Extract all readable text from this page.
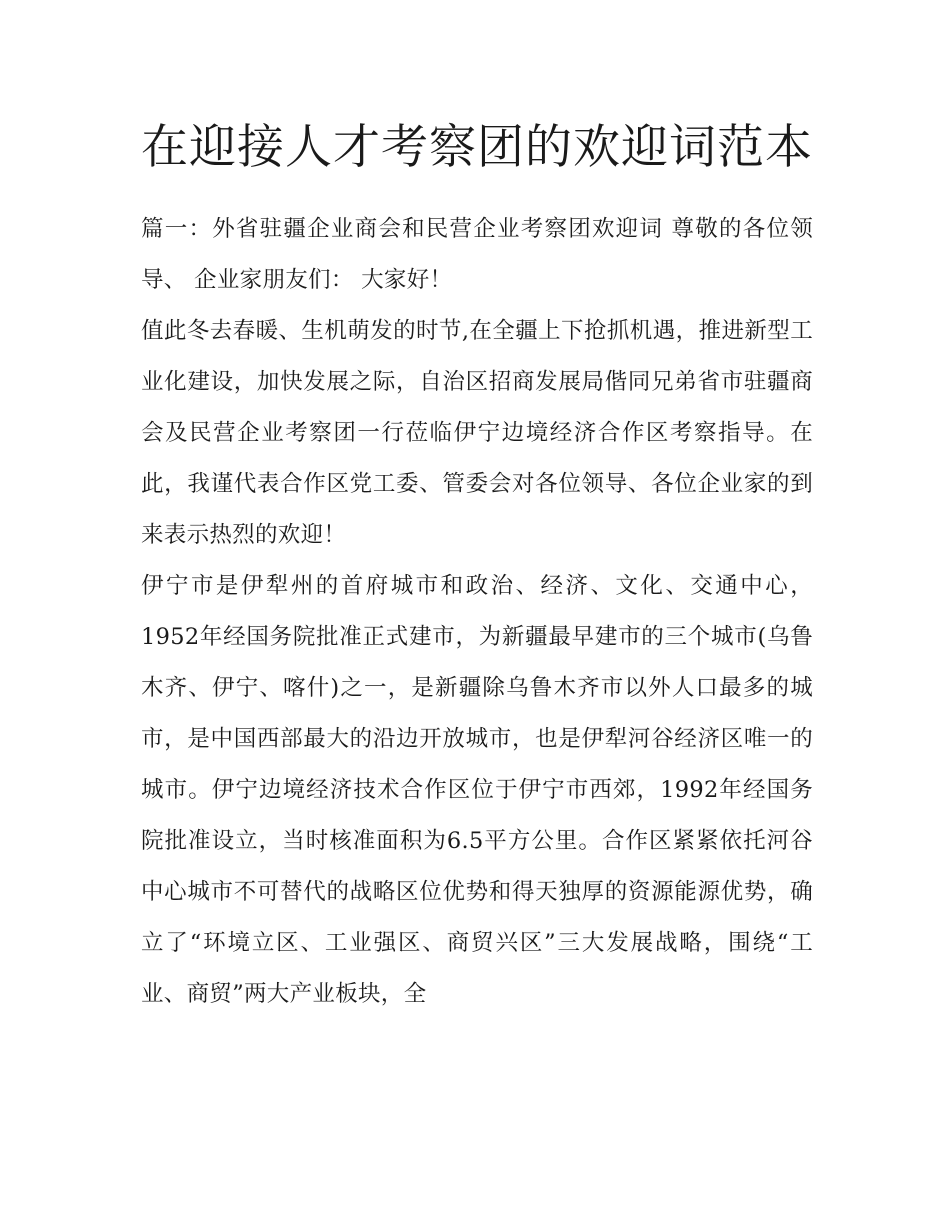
在迎接人才考察团的欢迎词范本

篇一：外省驻疆企业商会和民营企业考察团欢迎词 尊敬的各位领导、 企业家朋友们： 大家好！

值此冬去春暖、生机萌发的时节,在全疆上下抢抓机遇，推进新型工业化建设，加快发展之际，自治区招商发展局偕同兄弟省市驻疆商会及民营企业考察团一行莅临伊宁边境经济合作区考察指导。在此，我谨代表合作区党工委、管委会对各位领导、各位企业家的到来表示热烈的欢迎！

伊宁市是伊犁州的首府城市和政治、经济、文化、交通中心，1952年经国务院批准正式建市，为新疆最早建市的三个城市(乌鲁木齐、伊宁、喀什)之一，是新疆除乌鲁木齐市以外人口最多的城市，是中国西部最大的沿边开放城市，也是伊犁河谷经济区唯一的城市。伊宁边境经济技术合作区位于伊宁市西郊，1992年经国务院批准设立，当时核准面积为6.5平方公里。合作区紧紧依托河谷中心城市不可替代的战略区位优势和得天独厚的资源能源优势，确立了“环境立区、工业强区、商贸兴区”三大发展战略，围绕“工业、商贸”两大产业板块，全
